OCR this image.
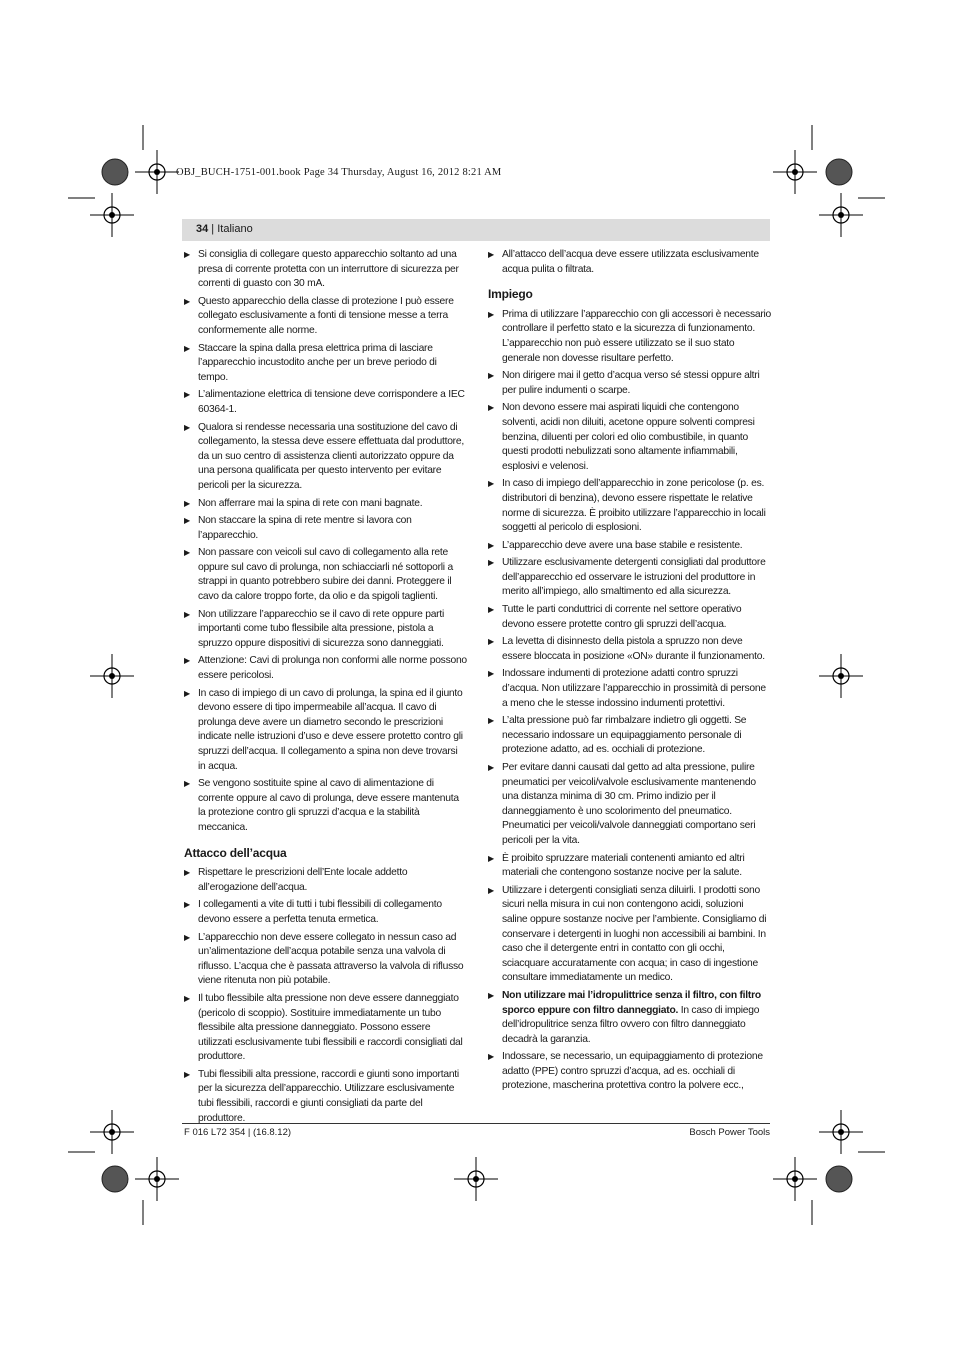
OBJ_BUCH-1751-001.book Page 34 Thursday, August 16, 2012 8:21 AM
34 | Italiano
▶ Si consiglia di collegare questo apparecchio soltanto ad una presa di corrente protetta con un interruttore di sicurezza per correnti di guasto con 30 mA.
▶ Questo apparecchio della classe di protezione I può essere collegato esclusivamente a fonti di tensione messe a terra conformemente alle norme.
▶ Staccare la spina dalla presa elettrica prima di lasciare l’apparecchio incustodito anche per un breve periodo di tempo.
▶ L’alimentazione elettrica di tensione deve corrispondere a IEC 60364-1.
▶ Qualora si rendesse necessaria una sostituzione del cavo di collegamento, la stessa deve essere effettuata dal produttore, da un suo centro di assistenza clienti autorizzato oppure da una persona qualificata per questo intervento per evitare pericoli per la sicurezza.
▶ Non afferrare mai la spina di rete con mani bagnate.
▶ Non staccare la spina di rete mentre si lavora con l’apparecchio.
▶ Non passare con veicoli sul cavo di collegamento alla rete oppure sul cavo di prolunga, non schiacciarli né sottoporli a strappi in quanto potrebbero subire dei danni. Proteggere il cavo da calore troppo forte, da olio e da spigoli taglienti.
▶ Non utilizzare l’apparecchio se il cavo di rete oppure parti importanti come tubo flessibile alta pressione, pistola a spruzzo oppure dispositivi di sicurezza sono danneggiati.
▶ Attenzione: Cavi di prolunga non conformi alle norme possono essere pericolosi.
▶ In caso di impiego di un cavo di prolunga, la spina ed il giunto devono essere di tipo impermeabile all’acqua. Il cavo di prolunga deve avere un diametro secondo le prescrizioni indicate nelle istruzioni d’uso e deve essere protetto contro gli spruzzi dell’acqua. Il collegamento a spina non deve trovarsi in acqua.
▶ Se vengono sostituite spine al cavo di alimentazione di corrente oppure al cavo di prolunga, deve essere mantenuta la protezione contro gli spruzzi d’acqua e la stabilità meccanica.
Attacco dell’acqua
▶ Rispettare le prescrizioni dell’Ente locale addetto all’erogazione dell’acqua.
▶ I collegamenti a vite di tutti i tubi flessibili di collegamento devono essere a perfetta tenuta ermetica.
▶ L’apparecchio non deve essere collegato in nessun caso ad un’alimentazione dell’acqua potabile senza una valvola di riflusso. L’acqua che è passata attraverso la valvola di riflusso viene ritenuta non più potabile.
▶ Il tubo flessibile alta pressione non deve essere danneggiato (pericolo di scoppio). Sostituire immediatamente un tubo flessibile alta pressione danneggiato. Possono essere utilizzati esclusivamente tubi flessibili e raccordi consigliati dal produttore.
▶ Tubi flessibili alta pressione, raccordi e giunti sono importanti per la sicurezza dell’apparecchio. Utilizzare esclusivamente tubi flessibili, raccordi e giunti consigliati da parte del produttore.
▶ All’attacco dell’acqua deve essere utilizzata esclusivamente acqua pulita o filtrata.
Impiego
▶ Prima di utilizzare l’apparecchio con gli accessori è necessario controllare il perfetto stato e la sicurezza di funzionamento. L’apparecchio non può essere utilizzato se il suo stato generale non dovesse risultare perfetto.
▶ Non dirigere mai il getto d’acqua verso sé stessi oppure altri per pulire indumenti o scarpe.
▶ Non devono essere mai aspirati liquidi che contengono solventi, acidi non diluiti, acetone oppure solventi compresi benzina, diluenti per colori ed olio combustibile, in quanto questi prodotti nebulizzati sono altamente infiammabili, esplosivi e velenosi.
▶ In caso di impiego dell’apparecchio in zone pericolose (p. es. distributori di benzina), devono essere rispettate le relative norme di sicurezza. È proibito utilizzare l’apparecchio in locali soggetti al pericolo di esplosioni.
▶ L’apparecchio deve avere una base stabile e resistente.
▶ Utilizzare esclusivamente detergenti consigliati dal produttore dell’apparecchio ed osservare le istruzioni del produttore in merito all’impiego, allo smaltimento ed alla sicurezza.
▶ Tutte le parti conduttrici di corrente nel settore operativo devono essere protette contro gli spruzzi dell’acqua.
▶ La levetta di disinnesto della pistola a spruzzo non deve essere bloccata in posizione «ON» durante il funzionamento.
▶ Indossare indumenti di protezione adatti contro spruzzi d’acqua. Non utilizzare l’apparecchio in prossimità di persone a meno che le stesse indossino indumenti protettivi.
▶ L’alta pressione può far rimbalzare indietro gli oggetti. Se necessario indossare un equipaggiamento personale di protezione adatto, ad es. occhiali di protezione.
▶ Per evitare danni causati dal getto ad alta pressione, pulire pneumatici per veicoli/valvole esclusivamente mantenendo una distanza minima di 30 cm. Primo indizio per il danneggiamento è uno scolorimento del pneumatico. Pneumatici per veicoli/valvole danneggiati comportano seri pericoli per la vita.
▶ È proibito spruzzare materiali contenenti amianto ed altri materiali che contengono sostanze nocive per la salute.
▶ Utilizzare i detergenti consigliati senza diluirli. I prodotti sono sicuri nella misura in cui non contengono acidi, soluzioni saline oppure sostanze nocive per l’ambiente. Consigliamo di conservare i detergenti in luoghi non accessibili ai bambini. In caso che il detergente entri in contatto con gli occhi, sciacquare accuratamente con acqua; in caso di ingestione consultare immediatamente un medico.
▶ Non utilizzare mai l’idropulittrice senza il filtro, con filtro sporco eppure con filtro danneggiato. In caso di impiego dell’idropulitrice senza filtro ovvero con filtro danneggiato decadrà la garanzia.
▶ Indossare, se necessario, un equipaggiamento di protezione adatto (PPE) contro spruzzi d’acqua, ad es. occhiali di protezione, mascherina protettiva contro la polvere ecc.,
F 016 L72 354 | (16.8.12)	Bosch Power Tools
